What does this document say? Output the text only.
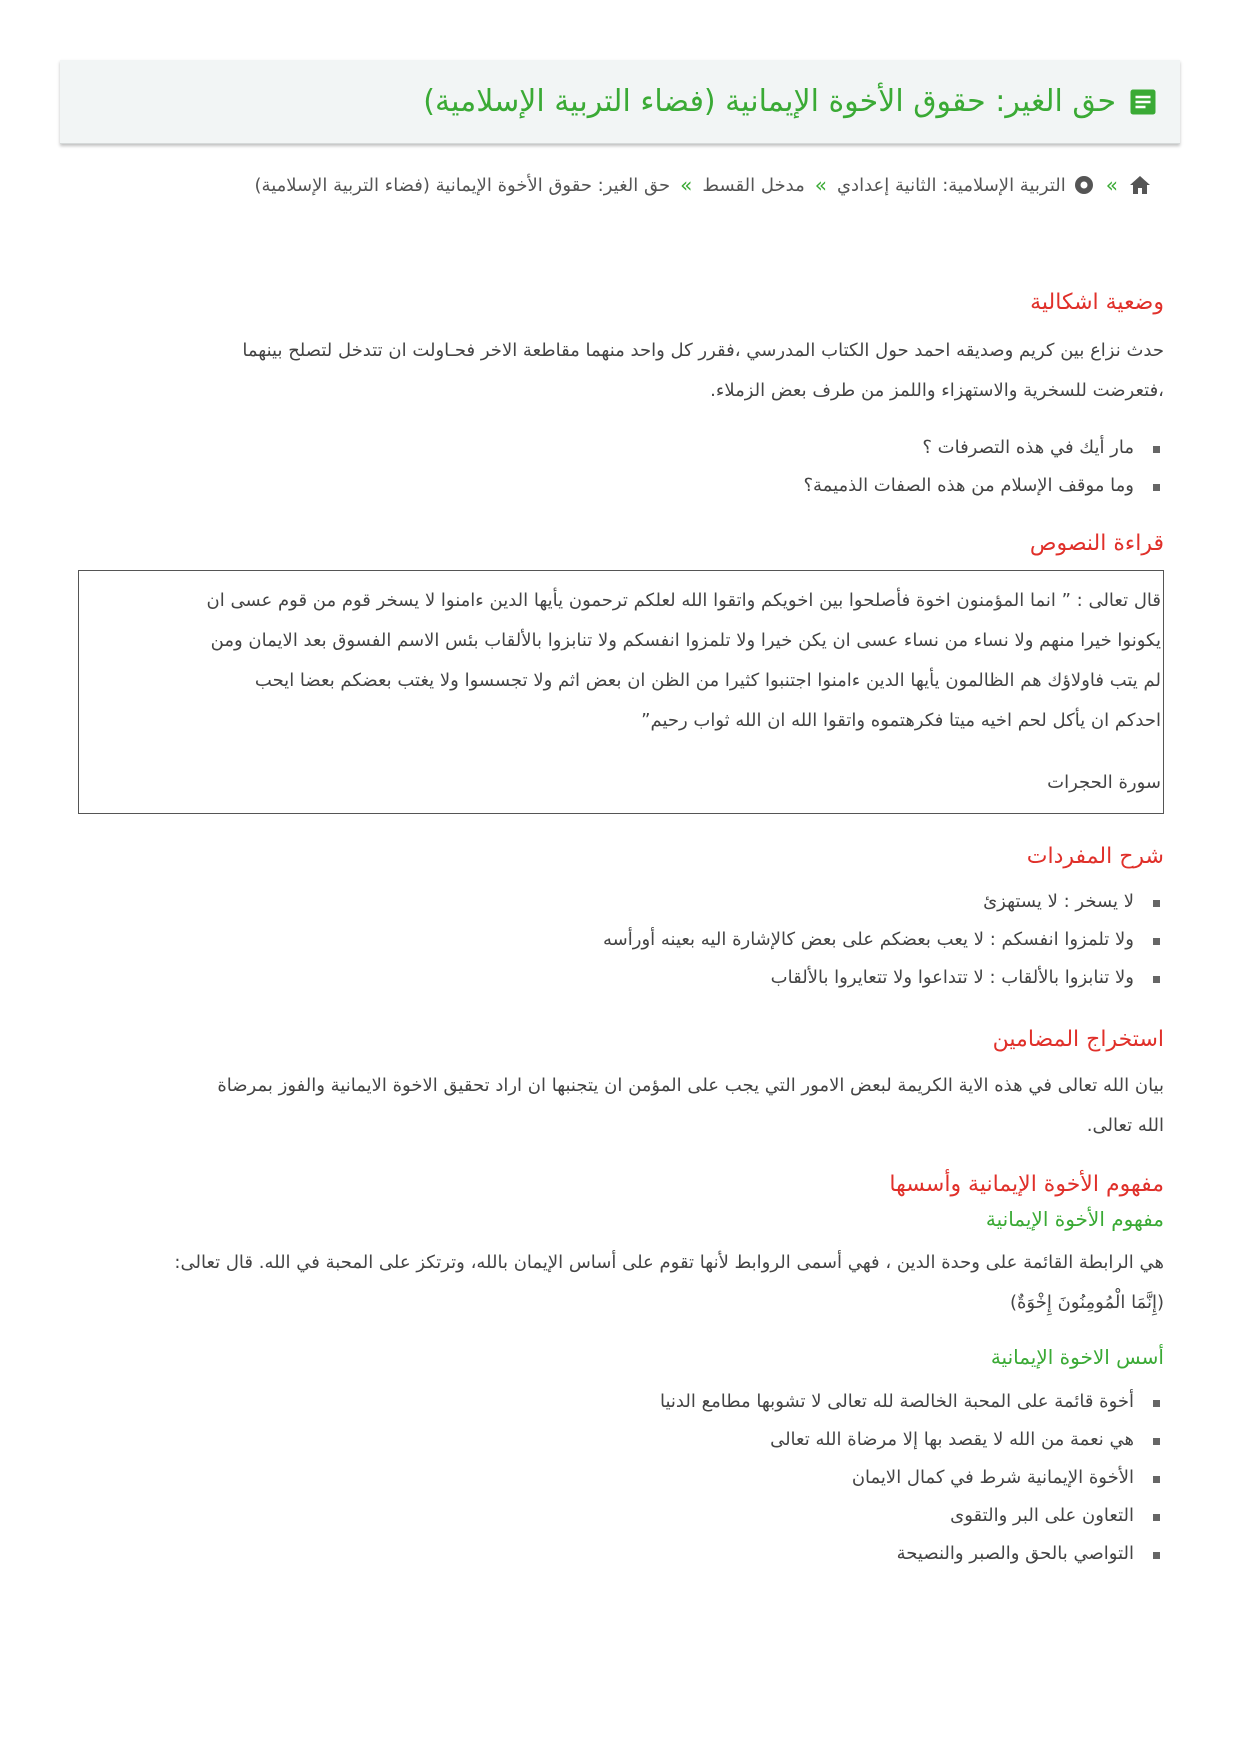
حق الغير: حقوق الأخوة الإيمانية (فضاء التربية الإسلامية)
»
التربية الإسلامية: الثانية إعدادي
»
مدخل القسط
»
حق الغير: حقوق الأخوة الإيمانية (فضاء التربية الإسلامية)
وضعية اشكالية

حدث نزاع بين كريم وصديقه احمد حول الكتاب المدرسي ،فقرر كل واحد منهما مقاطعة الاخر فحـاولت ان تتدخل لتصلح بينهما

،فتعرضت للسخرية والاستهزاء واللمز من طرف بعض الزملاء.

مار أيك في هذه التصرفات ؟
وما موقف الإسلام من هذه الصفات الذميمة؟
قراءة النصوص
قال تعالى : ” انما المؤمنون اخوة فأصلحوا بين اخويكم واتقوا الله لعلكم ترحمون يأيها الدين ءامنوا لا يسخر قوم من قوم عسى ان
يكونوا خيرا منهم ولا نساء من نساء عسى ان يكن خيرا ولا تلمزوا انفسكم ولا تنابزوا بالألقاب بئس الاسم الفسوق بعد الايمان ومن
لم يتب فاولاؤك هم الظالمون يأيها الدين ءامنوا اجتنبوا كثيرا من الظن ان بعض اثم ولا تجسسوا ولا يغتب بعضكم بعضا ايحب
احدكم ان يأكل لحم اخيه ميتا فكرهتموه واتقوا الله ان الله ثواب رحيم”
سورة الحجرات
شرح المفردات
لا يسخر : لا يستهزئ
ولا تلمزوا انفسكم : لا يعب بعضكم على بعض كالإشارة اليه بعينه أورأسه
ولا تنابزوا بالألقاب : لا تتداعوا ولا تتعايروا بالألقاب
استخراج المضامين

بيان الله تعالى في هذه الاية الكريمة لبعض الامور التي يجب على المؤمن ان يتجنبها ان اراد تحقيق الاخوة الايمانية والفوز بمرضاة

الله تعالى.

مفهوم الأخوة الإيمانية وأسسها
مفهوم الأخوة الإيمانية

هي الرابطة القائمة على وحدة الدين ، فهي أسمى الروابط لأنها تقوم على أساس الإيمان بالله، وترتكز على المحبة في الله. قال تعالى:

(إِنَّمَا الْمُومِنُونَ إِخْوَةٌ)

أسس الاخوة الإيمانية
أخوة قائمة على المحبة الخالصة لله تعالى لا تشوبها مطامع الدنيا
هي نعمة من الله لا يقصد بها إلا مرضاة الله تعالى
الأخوة الإيمانية شرط في كمال الايمان
التعاون على البر والتقوى
التواصي بالحق والصبر والنصيحة
